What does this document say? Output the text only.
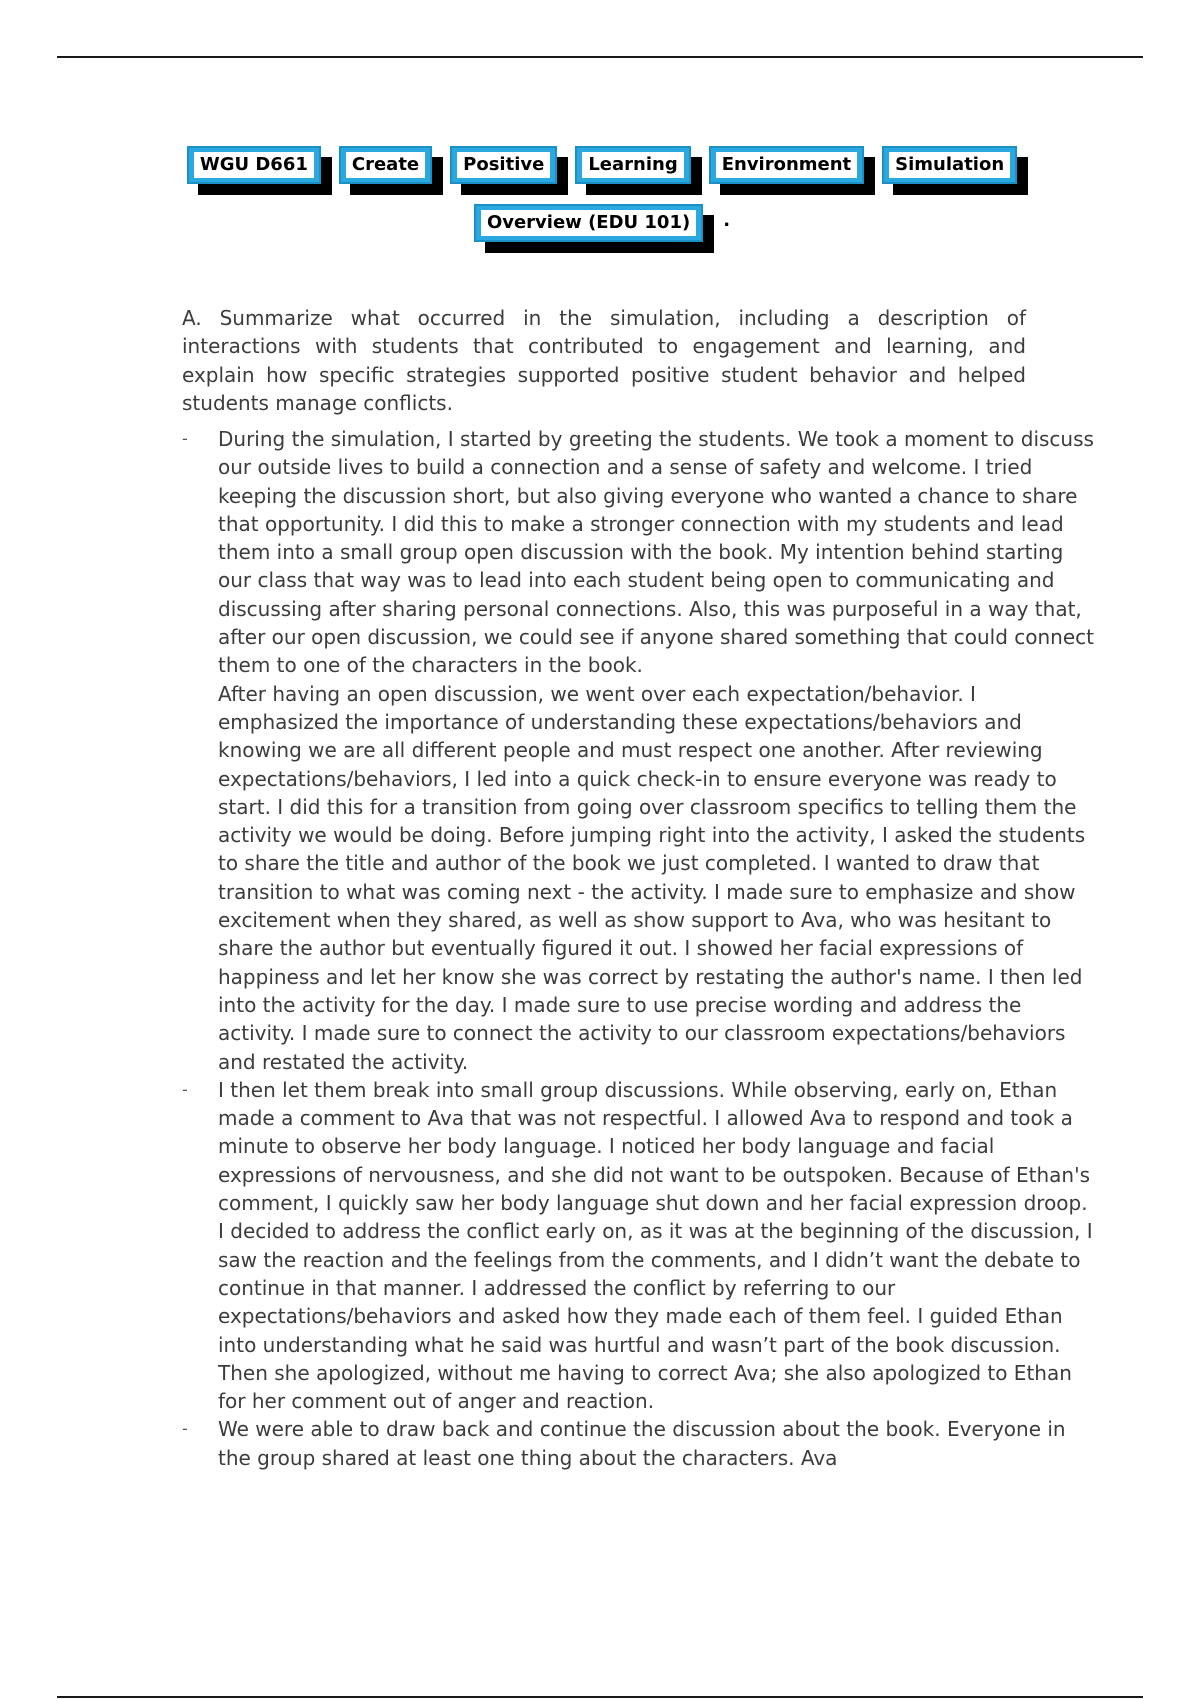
WGU D661	Create	Positive	Learning	Environment	Simulation
Overview (EDU 101)	.

A. Summarize what occurred in the simulation, including a description of interactions with students that contributed to engagement and learning, and explain how specific strategies supported positive student behavior and helped students manage conflicts.

- During the simulation, I started by greeting the students. We took a moment to discuss our outside lives to build a connection and a sense of safety and welcome. I tried keeping the discussion short, but also giving everyone who wanted a chance to share that opportunity. I did this to make a stronger connection with my students and lead them into a small group open discussion with the book. My intention behind starting our class that way was to lead into each student being open to communicating and discussing after sharing personal connections. Also, this was purposeful in a way that, after our open discussion, we could see if anyone shared something that could connect them to one of the characters in the book.

After having an open discussion, we went over each expectation/behavior. I emphasized the importance of understanding these expectations/behaviors and knowing we are all different people and must respect one another. After reviewing expectations/behaviors, I led into a quick check-in to ensure everyone was ready to start. I did this for a transition from going over classroom specifics to telling them the activity we would be doing. Before jumping right into the activity, I asked the students to share the title and author of the book we just completed. I wanted to draw that transition to what was coming next - the activity. I made sure to emphasize and show excitement when they shared, as well as show support to Ava, who was hesitant to share the author but eventually figured it out. I showed her facial expressions of happiness and let her know she was correct by restating the author's name. I then led into the activity for the day. I made sure to use precise wording and address the activity. I made sure to connect the activity to our classroom expectations/behaviors and restated the activity.

- I then let them break into small group discussions. While observing, early on, Ethan made a comment to Ava that was not respectful. I allowed Ava to respond and took a minute to observe her body language. I noticed her body language and facial expressions of nervousness, and she did not want to be outspoken. Because of Ethan's comment, I quickly saw her body language shut down and her facial expression droop. I decided to address the conflict early on, as it was at the beginning of the discussion, I saw the reaction and the feelings from the comments, and I didn’t want the debate to continue in that manner. I addressed the conflict by referring to our expectations/behaviors and asked how they made each of them feel. I guided Ethan into understanding what he said was hurtful and wasn’t part of the book discussion. Then she apologized, without me having to correct Ava; she also apologized to Ethan for her comment out of anger and reaction.

- We were able to draw back and continue the discussion about the book. Everyone in the group shared at least one thing about the characters. Ava
